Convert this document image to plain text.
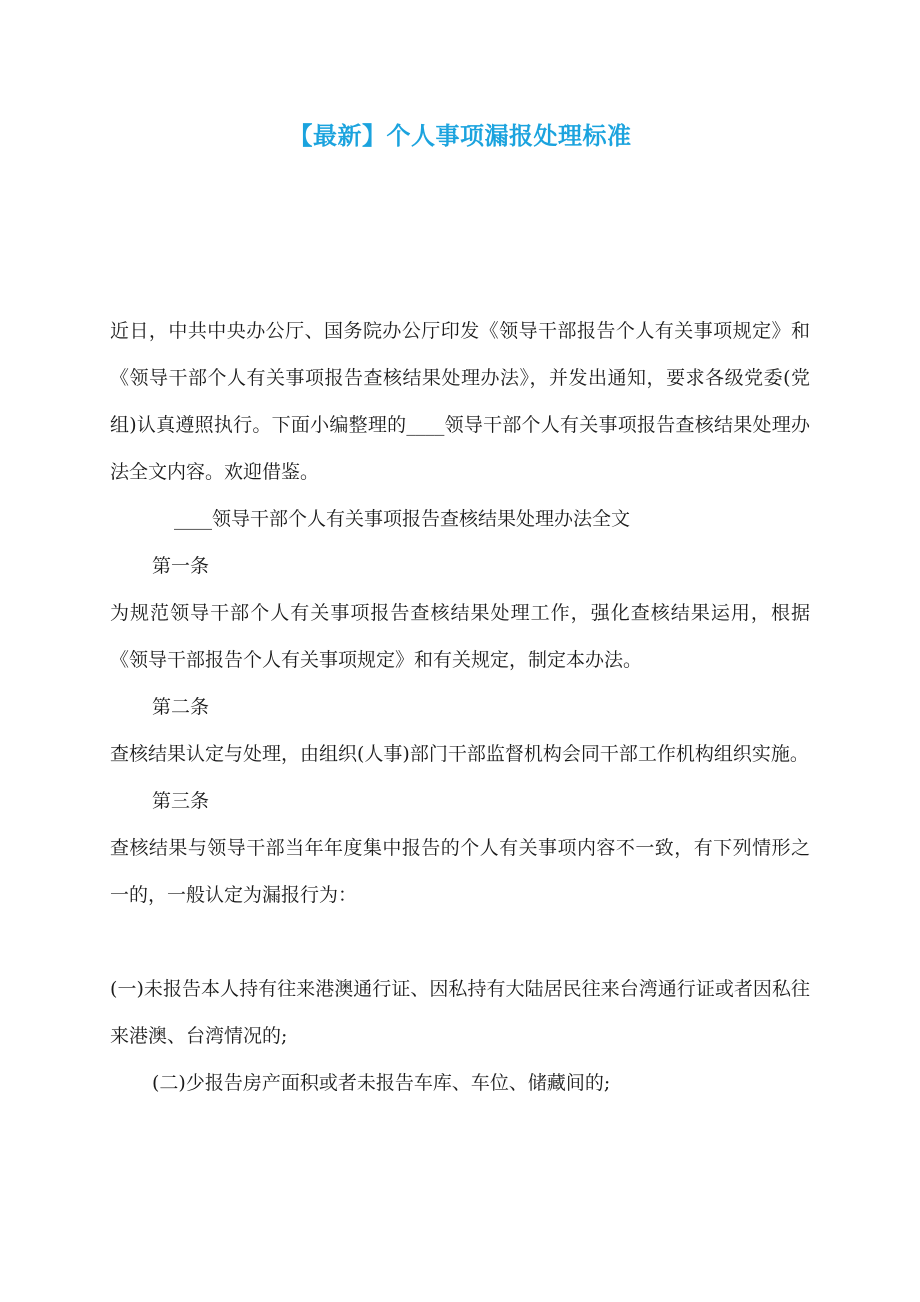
【最新】个人事项漏报处理标准

近日，中共中央办公厅、国务院办公厅印发《领导干部报告个人有关事项规定》和《领导干部个人有关事项报告查核结果处理办法》，并发出通知，要求各级党委(党组)认真遵照执行。下面小编整理的____领导干部个人有关事项报告查核结果处理办法全文内容。欢迎借鉴。

____领导干部个人有关事项报告查核结果处理办法全文

第一条

为规范领导干部个人有关事项报告查核结果处理工作，强化查核结果运用，根据《领导干部报告个人有关事项规定》和有关规定，制定本办法。

第二条

查核结果认定与处理，由组织(人事)部门干部监督机构会同干部工作机构组织实施。

第三条

查核结果与领导干部当年年度集中报告的个人有关事项内容不一致，有下列情形之一的，一般认定为漏报行为：

(一)未报告本人持有往来港澳通行证、因私持有大陆居民往来台湾通行证或者因私往来港澳、台湾情况的;

(二)少报告房产面积或者未报告车库、车位、储藏间的;
